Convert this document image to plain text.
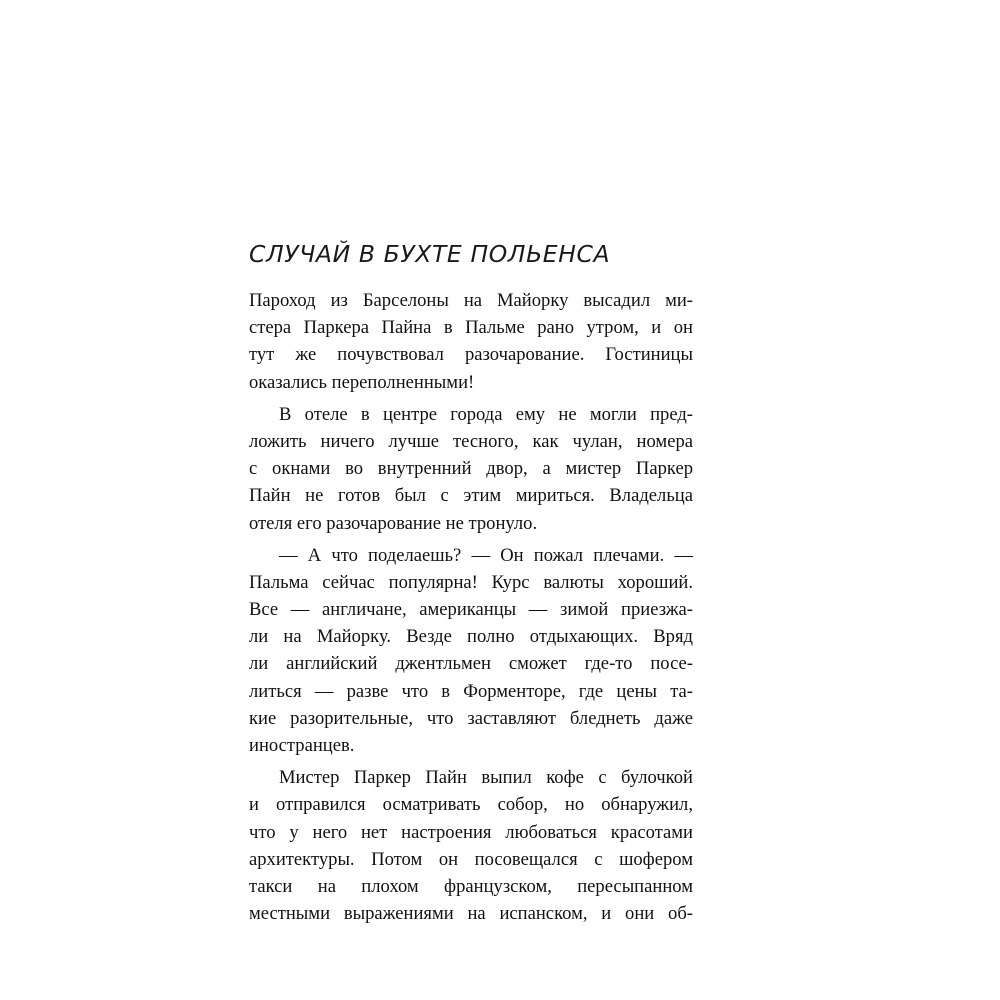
СЛУЧАЙ В БУХТЕ ПОЛЬЕНСА
Пароход из Барселоны на Майорку высадил ми-
стера Паркера Пайна в Пальме рано утром, и он
тут же почувствовал разочарование. Гостиницы
оказались переполненными!
В отеле в центре города ему не могли пред-
ложить ничего лучше тесного, как чулан, номера
с окнами во внутренний двор, а мистер Паркер
Пайн не готов был с этим мириться. Владельца
отеля его разочарование не тронуло.
— А что поделаешь? — Он пожал плечами. —
Пальма сейчас популярна! Курс валюты хороший.
Все — англичане, американцы — зимой приезжа-
ли на Майорку. Везде полно отдыхающих. Вряд
ли английский джентльмен сможет где-то посе-
литься — разве что в Форменторе, где цены та-
кие разорительные, что заставляют бледнеть даже
иностранцев.
Мистер Паркер Пайн выпил кофе с булочкой
и отправился осматривать собор, но обнаружил,
что у него нет настроения любоваться красотами
архитектуры. Потом он посовещался с шофером
такси на плохом французском, пересыпанном
местными выражениями на испанском, и они об-
